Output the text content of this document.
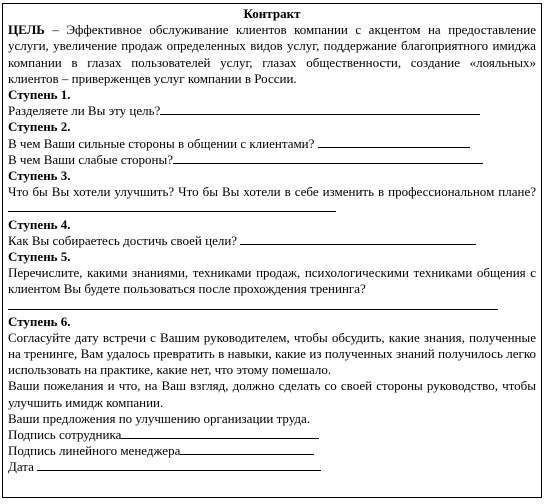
Контракт

ЦЕЛЬ – Эффективное обслуживание клиентов компании с акцентом на предоставление услуги, увеличение продаж определенных видов услуг, поддержание благоприятного имиджа компании в глазах пользователей услуг, глазах общественности, создание «лояльных» клиентов – приверженцев услуг компании в России.

Ступень 1.
Разделяете ли Вы эту цель?
Ступень 2.
В чем Ваши сильные стороны в общении с клиентами?
В чем Ваши слабые стороны?
Ступень 3.

Что бы Вы хотели улучшить? Что бы Вы хотели в себе изменить в профессиональном плане?

Ступень 4.
Как Вы собираетесь достичь своей цели?
Ступень 5.

Перечислите, какими знаниями, техниками продаж, психологическими техниками общения с клиентом Вы будете пользоваться после прохождения тренинга?

Ступень 6.

Согласуйте дату встречи с Вашим руководителем, чтобы обсудить, какие знания, полученные на тренинге, Вам удалось превратить в навыки, какие из полученных знаний получилось легко использовать на практике, какие нет, что этому помешало.

Ваши пожелания и что, на Ваш взгляд, должно сделать со своей стороны руководство, чтобы улучшить имидж компании.

Ваши предложения по улучшению организации труда.

Подпись сотрудника
Подпись линейного менеджера
Дата
